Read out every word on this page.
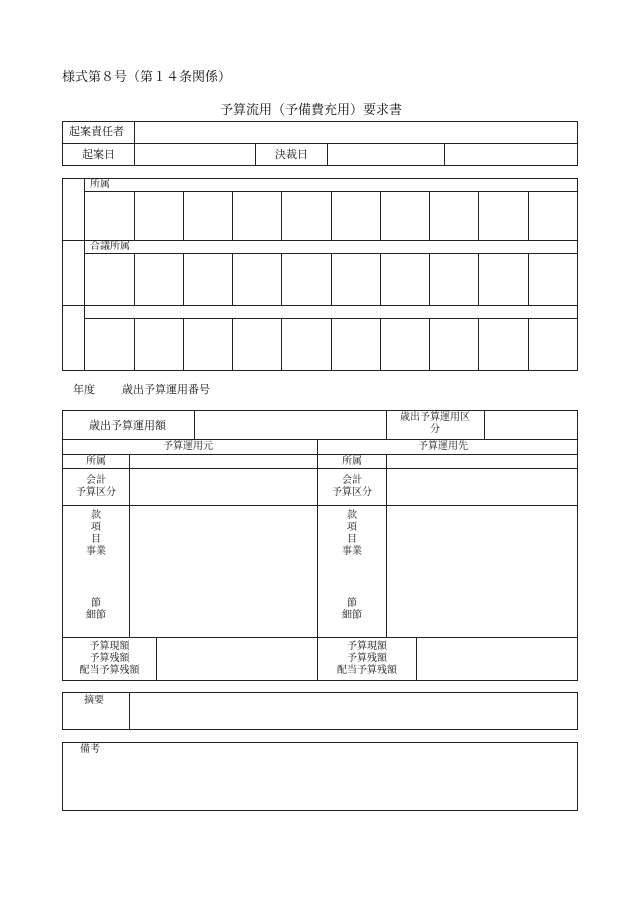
様式第８号（第１４条関係）
予算流用（予備費充用）要求書
起案責任者
起案日	決裁日
所属
合議所属
年度 歳出予算運用番号
歳出予算運用額
歳出予算運用区
分
予算運用元	予算運用先
所属
会計
予算区分
款
項
目
事業
節
細節
予算現額
予算残額
配当予算残額
所属
会計
予算区分
款
項
目
事業
節
細節
予算現額
予算残額
配当予算残額
摘要
備考
